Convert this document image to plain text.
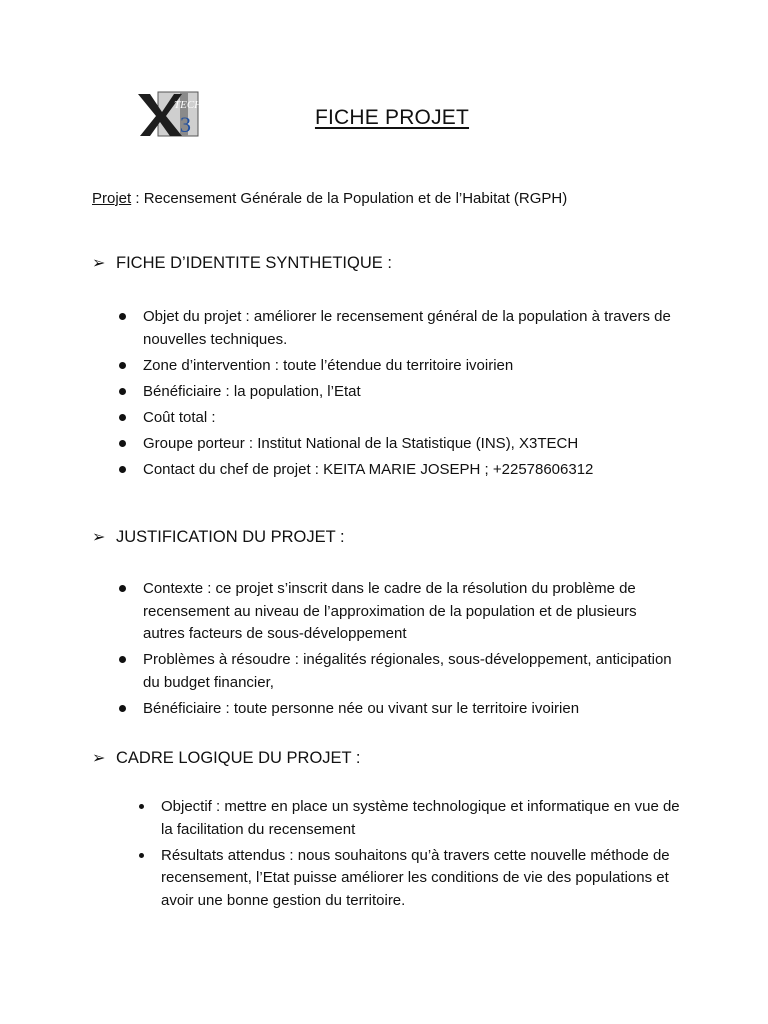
TECH
3	FICHE PROJET
Projet : Recensement Générale de la Population et de l’Habitat (RGPH)
➢ FICHE D’IDENTITE SYNTHETIQUE :
Objet du projet : améliorer le recensement général de la population à travers de nouvelles techniques.
Zone d’intervention : toute l’étendue du territoire ivoirien
Bénéficiaire : la population, l’Etat
Coût total :
Groupe porteur : Institut National de la Statistique (INS), X3TECH
Contact du chef de projet : KEITA MARIE JOSEPH ; +22578606312
➢ JUSTIFICATION DU PROJET :
Contexte : ce projet s’inscrit dans le cadre de la résolution du problème de recensement au niveau de l’approximation de la population et de plusieurs autres facteurs de sous-développement
Problèmes à résoudre : inégalités régionales, sous-développement, anticipation du budget financier,
Bénéficiaire : toute personne née ou vivant sur le territoire ivoirien
➢ CADRE LOGIQUE DU PROJET :
Objectif : mettre en place un système technologique et informatique en vue de la facilitation du recensement
Résultats attendus : nous souhaitons qu’à travers cette nouvelle méthode de recensement, l’Etat puisse améliorer les conditions de vie des populations et avoir une bonne gestion du territoire.
